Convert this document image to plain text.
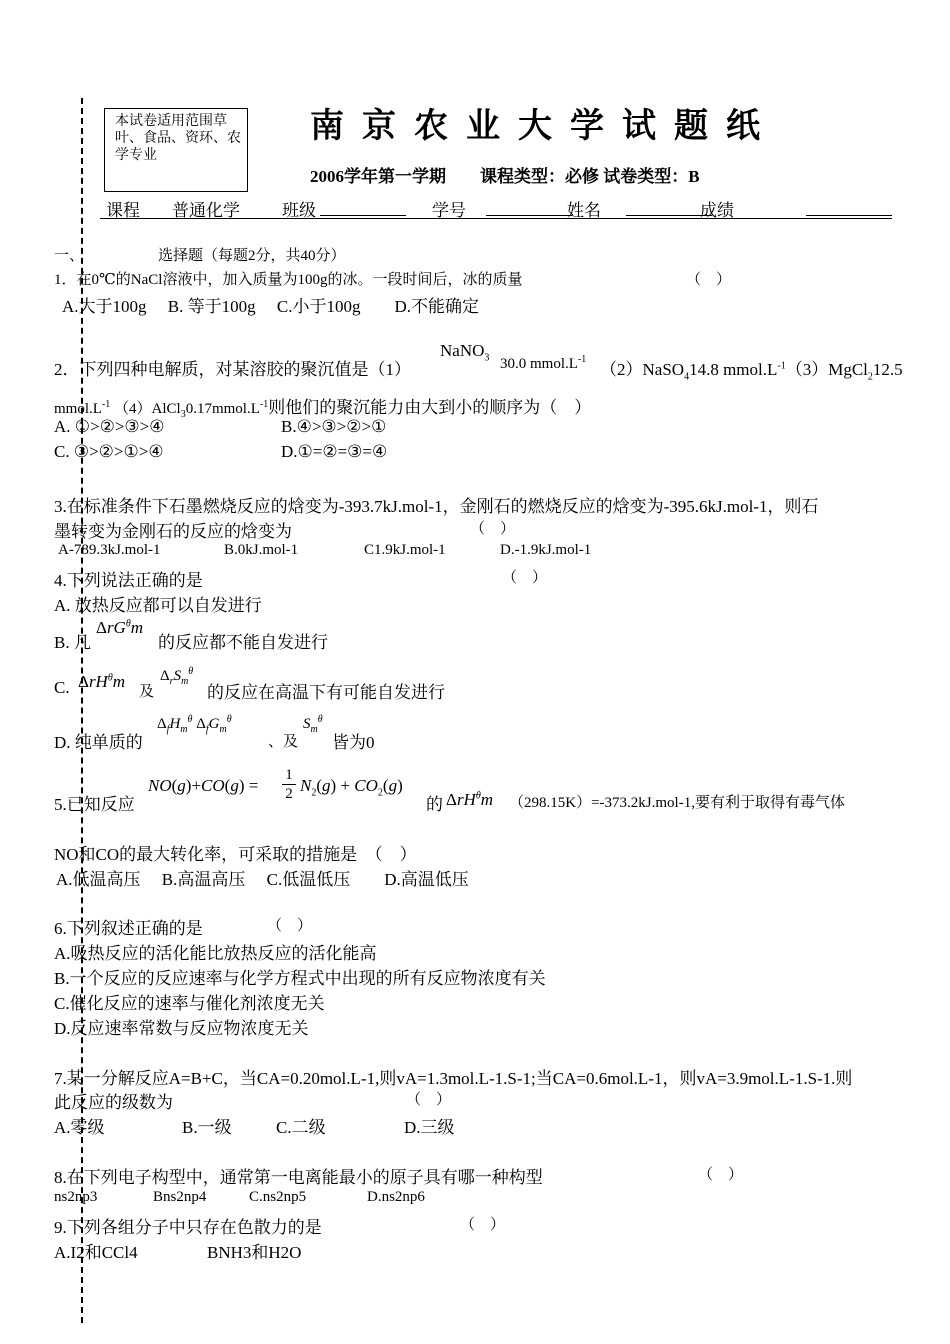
本试卷适用范围草叶、食品、资环、农学专业
南京农业大学试题纸
2006学年第一学期　　课程类型：必修 试卷类型：B
课程 普通化学 班级	学号	姓名	成绩
一、	选择题（每题2分，共40分）
1．在0℃的NaCl溶液中，加入质量为100g的冰。一段时间后，冰的质量	（　）
A.大于100g　 B. 等于100g　 C.小于100g　　D.不能确定
2．下列四种电解质，对某溶胶的聚沉值是（1）
NaNO$_3$ 30.0 $mmol.L^{-1}$
（2）NaSO$_4$14.8 $mmol.L^{-1}(3)MgCl_212.5$
$mmol.L^{-1}$ $(4)AlCl_30.17mmol.L^{-1}$则他们的聚沉能力由大到小的顺序为（　）
A. ①>②>③>④	B.④>③>②>①
C. ③>②>①>④	D.①=②=③=④
3.在标准条件下石墨燃烧反应的焓变为-393.7kJ.mol-1，金刚石的燃烧反应的焓变为-395.6kJ.mol-1，则石
墨转变为金刚石的反应的焓变为	（　）
A-789.3kJ.mol-1	B.0kJ.mol-1	C1.9kJ.mol-1	D.-1.9kJ.mol-1
4.下列说法正确的是	（　）
A. 放热反应都可以自发进行
B. 凡
ΔrG$^\theta$m
的反应都不能自发进行
C. ΔrH$^\theta$m
及
$\Delta_rS_m^\theta$
的反应在高温下有可能自发进行
D. 纯单质的
$\Delta_fH_m^\theta$ $\Delta_fG_m^\theta$
、及
$S_m^\theta$
皆为0
5.已知反应
NO(g)+CO(g) =
1

2 $N_2(g) + CO_2(g)$
的 ΔrH$^\theta$m （298.15K）=-373.2kJ.mol-1,要有利于取得有毒气体
NO和CO的最大转化率，可采取的措施是　（　）
A.低温高压　 B.高温高压　 C.低温低压　　D.高温低压
6.下列叙述正确的是	（　）
A.吸热反应的活化能比放热反应的活化能高
B.一个反应的反应速率与化学方程式中出现的所有反应物浓度有关
C.催化反应的速率与催化剂浓度无关
D.反应速率常数与反应物浓度无关
7.某一分解反应A=B+C，当CA=0.20mol.L-1,则vA=1.3mol.L-1.S-1;当CA=0.6mol.L-1，则vA=3.9mol.L-1.S-1.则
此反应的级数为	（　）
A.零级	B.一级	C.二级	D.三级
8.在下列电子构型中，通常第一电离能最小的原子具有哪一种构型	（　）
ns2np3	Bns2np4	C.ns2np5	D.ns2np6
9.下列各组分子中只存在色散力的是	（　）
A.I2和CCl4	BNH3和H2O
